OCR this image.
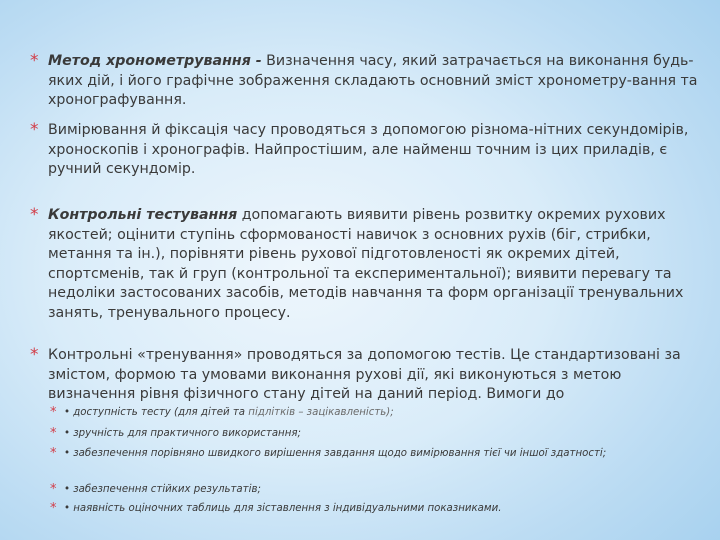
* Метод хронометрування - Визначення часу, який затрачається на виконання будь-яких дій, і його графічне зображення складають основний зміст хронометру-вання та хронографування.
* Вимірювання й фіксація часу проводяться з допомогою різнома-нітних секундомірів, хроноскопів і хронографів. Найпростішим, але найменш точним із цих приладів, є ручний секундомір.
* Контрольні тестування допомагають виявити рівень розвитку окремих рухових якостей; оцінити ступінь сформованості навичок з основних рухів (біг, стрибки, метання та ін.), порівняти рівень рухової підготовленості як окремих дітей, спортсменів, так й груп (контрольної та експериментальної); виявити перевагу та недоліки застосованих засобів, методів навчання та форм організації тренувальних занять, тренувального процесу.
* Контрольні «тренування» проводяться за допомогою тестів. Це стандартизовані за змістом, формою та умовами виконання рухові дії, які виконуються з метою визначення рівня фізичного стану дітей на даний період. Вимоги до
* • доступність тесту (для дітей та підлітків – зацікавленість);
* • зручність для практичного використання;
* • забезпечення порівняно швидкого вирішення завдання щодо вимірювання тієї чи іншої здатності;
* • забезпечення стійких результатів;
* • наявність оціночних таблиць для зіставлення з індивідуальними показниками.
